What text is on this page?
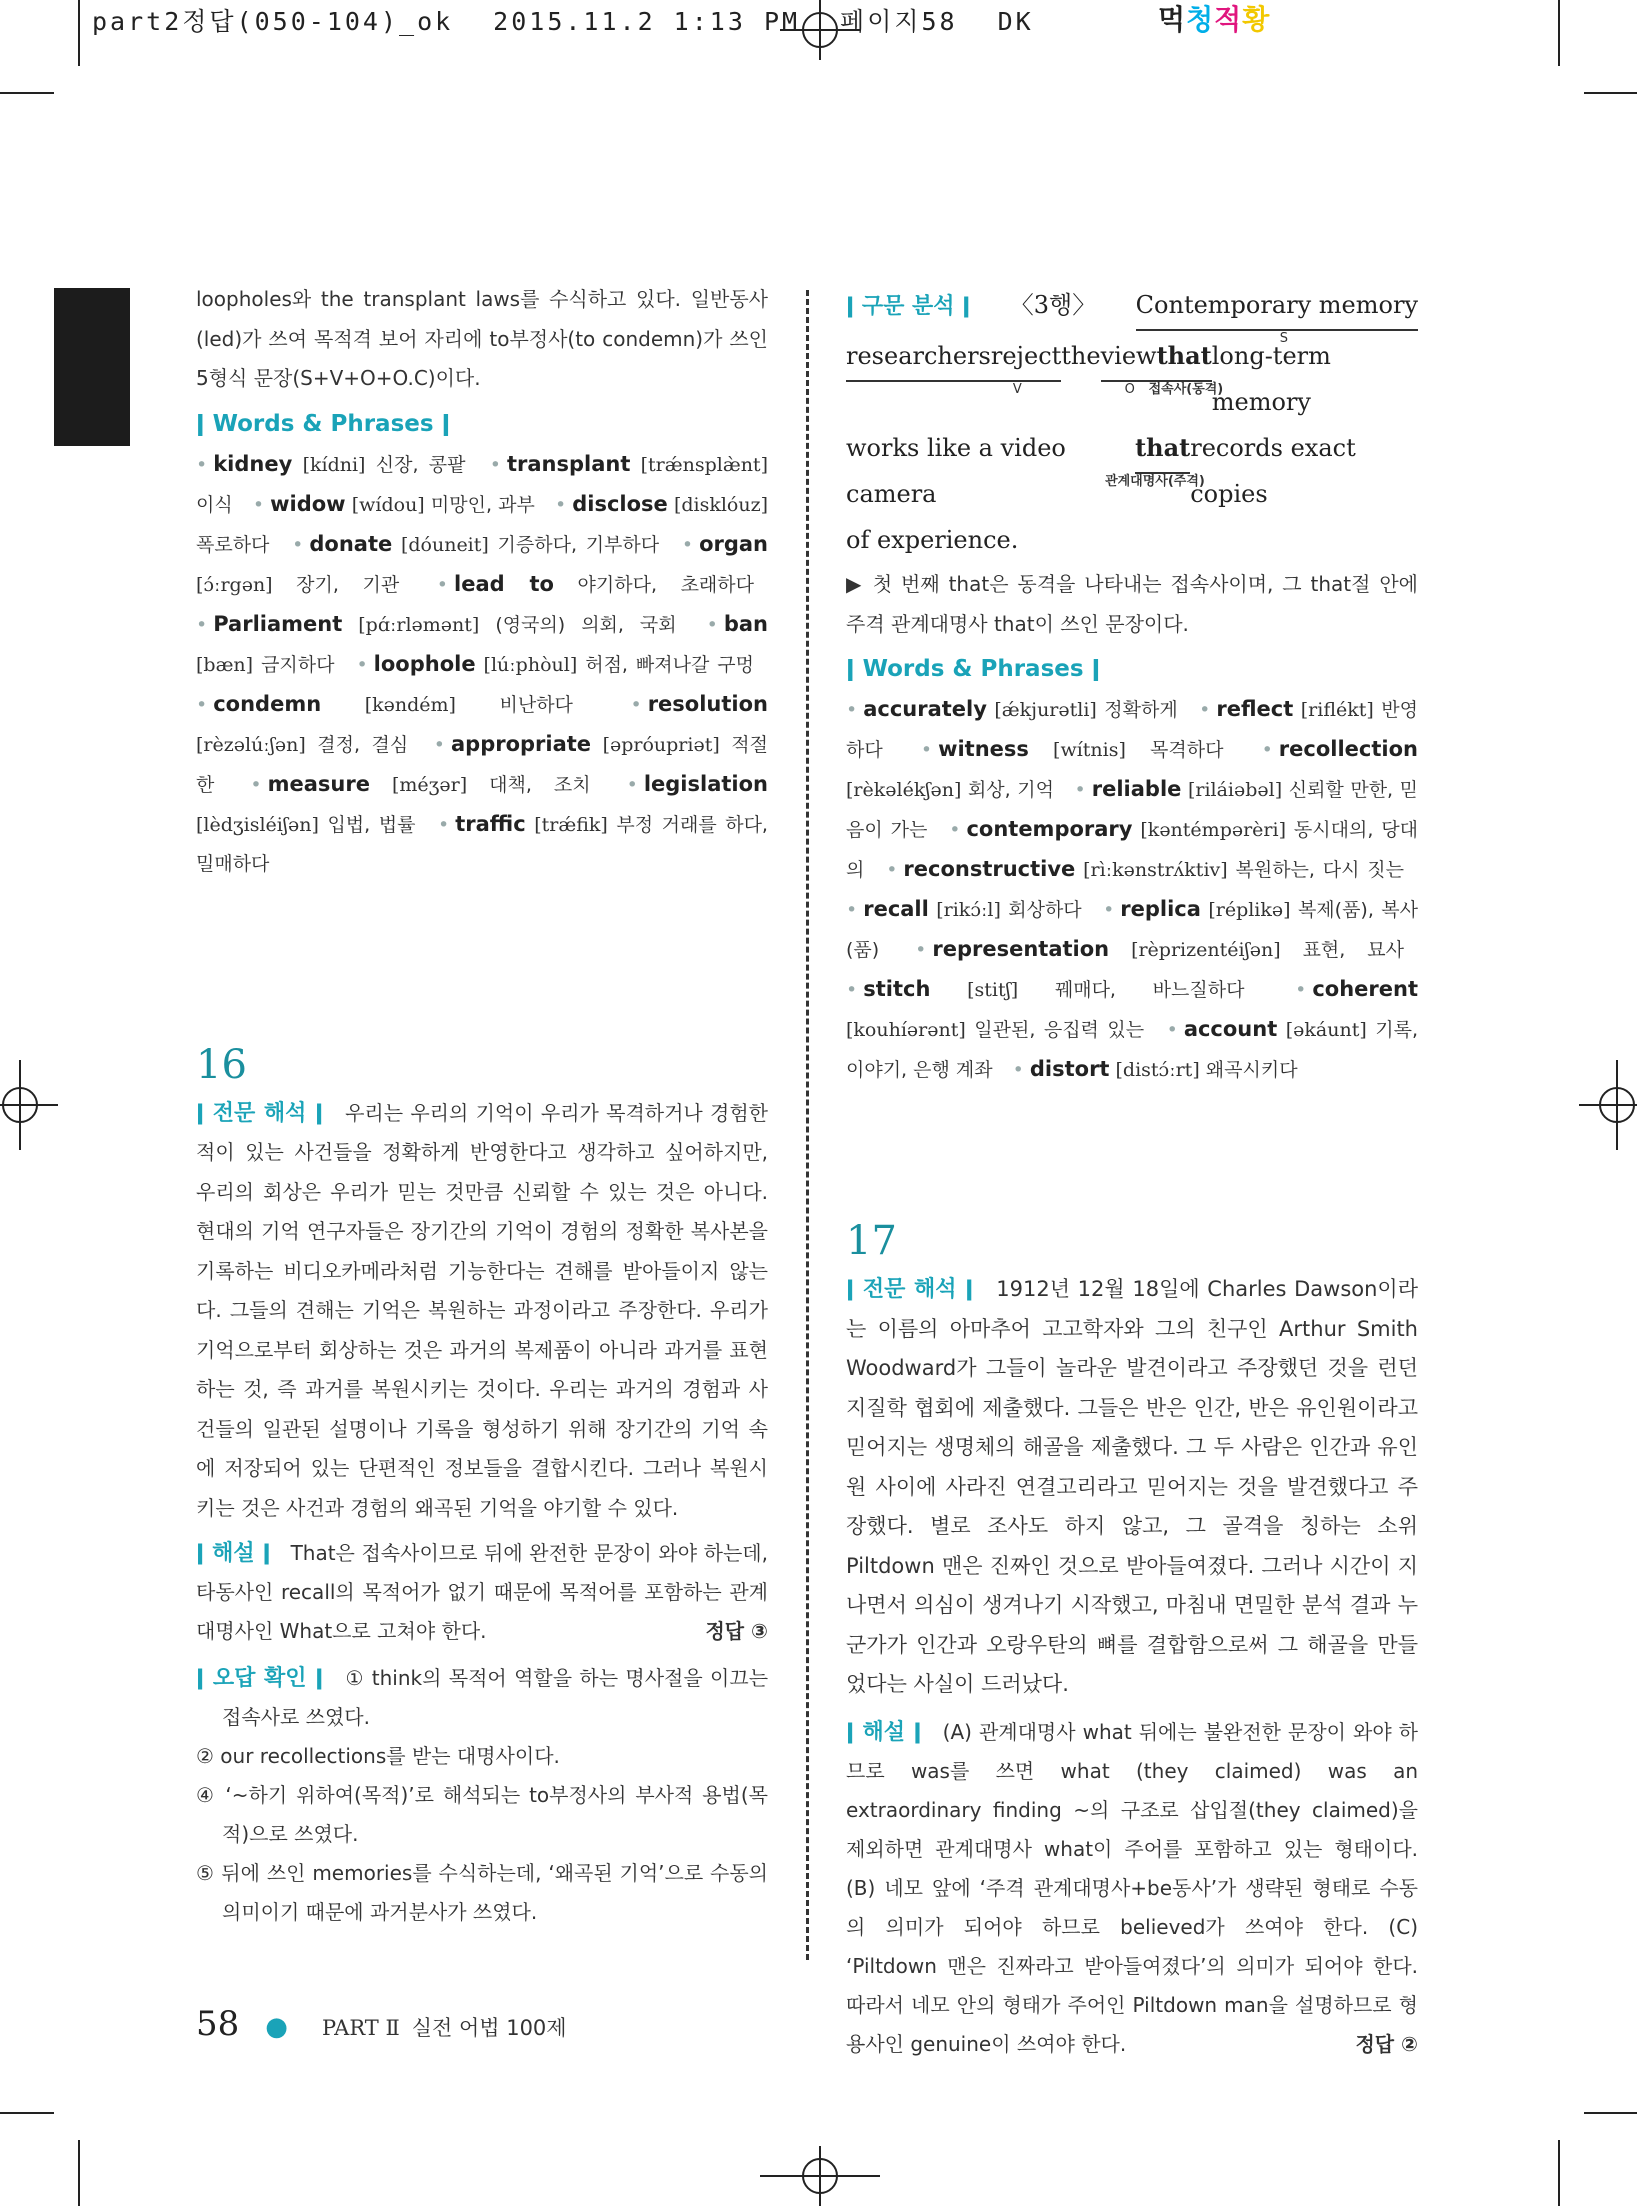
part2정답(050-104)_ok 2015.11.2 1:13 PM 페이지58 DK	먹청적황

loopholes와 the transplant laws를 수식하고 있다. 일반동사(led)가 쓰여 목적격 보어 자리에 to부정사(to condemn)가 쓰인 5형식 문장(S+V+O+O.C)이다.

ǀ Words & Phrases ǀ
• kidney [kídni] 신장, 콩팥 • transplant [trǽnsplæ̀nt] 이식 • widow [wídou] 미망인, 과부 • disclose [disklóuz] 폭로하다 • donate [dóuneit] 기증하다, 기부하다 • organ [ɔ́ːrgən] 장기, 기관 • lead to 야기하다, 초래하다 • Parliament [pɑ́ːrləmənt] (영국의) 의회, 국회 • ban [bæn] 금지하다 • loophole [lúːphòul] 허점, 빠져나갈 구멍 • condemn [kəndém] 비난하다	• resolution [rèzəlúːʃən] 결정, 결심 • appropriate [əpróupriət] 적절한 • measure [méʒər] 대책, 조치 • legislation [lèdʒisléiʃən] 입법, 법률 • traffic [trǽfik] 부정 거래를 하다, 밀매하다
16

ǀ 전문 해석 ǀ 우리는 우리의 기억이 우리가 목격하거나 경험한 적이 있는 사건들을 정확하게 반영한다고 생각하고 싶어하지만, 우리의 회상은 우리가 믿는 것만큼 신뢰할 수 있는 것은 아니다. 현대의 기억 연구자들은 장기간의 기억이 경험의 정확한 복사본을 기록하는 비디오카메라처럼 기능한다는 견해를 받아들이지 않는다. 그들의 견해는 기억은 복원하는 과정이라고 주장한다. 우리가 기억으로부터 회상하는 것은 과거의 복제품이 아니라 과거를 표현하는 것, 즉 과거를 복원시키는 것이다. 우리는 과거의 경험과 사건들의 일관된 설명이나 기록을 형성하기 위해 장기간의 기억 속에 저장되어 있는 단편적인 정보들을 결합시킨다. 그러나 복원시키는 것은 사건과 경험의 왜곡된 기억을 야기할 수 있다.

ǀ 해설 ǀ That은 접속사이므로 뒤에 완전한 문장이 와야 하는데, 타동사인 recall의 목적어가 없기 때문에 목적어를 포함하는 관계대명사인 What으로 고쳐야 한다.	정답 ③

ǀ 오답 확인 ǀ ① think의 목적어 역할을 하는 명사절을 이끄는 접속사로 쓰였다.

② our recollections를 받는 대명사이다.

④ ‘~하기 위하여(목적)’로 해석되는 to부정사의 부사적 용법(목적)으로 쓰였다.

⑤ 뒤에 쓰인 memories를 수식하는데, ‘왜곡된 기억’으로 수동의 의미이기 때문에 과거분사가 쓰였다.

ǀ 구문 분석 ǀ 〈3행〉 Contemporary memory
S
researchers reject
V
the view
O
that
접속사(동격)
long-term memory
works like a video camera
that
관계대명사(주격)
records exact copies
of experience.

▶ 첫 번째 that은 동격을 나타내는 접속사이며, 그 that절 안에 주격 관계대명사 that이 쓰인 문장이다.

ǀ Words & Phrases ǀ
• accurately [ǽkjurətli] 정확하게 • reflect [riflékt] 반영하다 • witness [wítnis] 목격하다 • recollection [rèkəlékʃən] 회상, 기억 • reliable [riláiəbəl] 신뢰할 만한, 믿음이 가는 • contemporary [kəntémpərèri] 동시대의, 당대의 • reconstructive [rìːkənstrʌ́ktiv] 복원하는, 다시 짓는 • recall [rikɔ́ːl] 회상하다 • replica [réplikə] 복제(품), 복사(품) • representation [rèprizentéiʃən] 표현, 묘사 • stitch [stitʃ] 꿰매다, 바느질하다	• coherent [kouhíərənt] 일관된, 응집력 있는 • account [əkáunt] 기록, 이야기, 은행 계좌 • distort [distɔ́ːrt] 왜곡시키다
17

ǀ 전문 해석 ǀ 1912년 12월 18일에 Charles Dawson이라는 이름의 아마추어 고고학자와 그의 친구인 Arthur Smith Woodward가 그들이 놀라운 발견이라고 주장했던 것을 런던 지질학 협회에 제출했다. 그들은 반은 인간, 반은 유인원이라고 믿어지는 생명체의 해골을 제출했다. 그 두 사람은 인간과 유인원 사이에 사라진 연결고리라고 믿어지는 것을 발견했다고 주장했다. 별로 조사도 하지 않고, 그 골격을 칭하는 소위 Piltdown 맨은 진짜인 것으로 받아들여졌다. 그러나 시간이 지나면서 의심이 생겨나기 시작했고, 마침내 면밀한 분석 결과 누군가가 인간과 오랑우탄의 뼈를 결합함으로써 그 해골을 만들었다는 사실이 드러났다.

ǀ 해설 ǀ (A) 관계대명사 what 뒤에는 불완전한 문장이 와야 하므로 was를 쓰면 what (they claimed) was an extraordinary finding ~의 구조로 삽입절(they claimed)을 제외하면 관계대명사 what이 주어를 포함하고 있는 형태이다. (B) 네모 앞에 ‘주격 관계대명사+be동사’가 생략된 형태로 수동의 의미가 되어야 하므로 believed가 쓰여야 한다. (C) ‘Piltdown 맨은 진짜라고 받아들여졌다’의 의미가 되어야 한다. 따라서 네모 안의 형태가 주어인 Piltdown man을 설명하므로 형용사인 genuine이 쓰여야 한다.	정답 ②

58 ● PART Ⅱ 실전 어법 100제
